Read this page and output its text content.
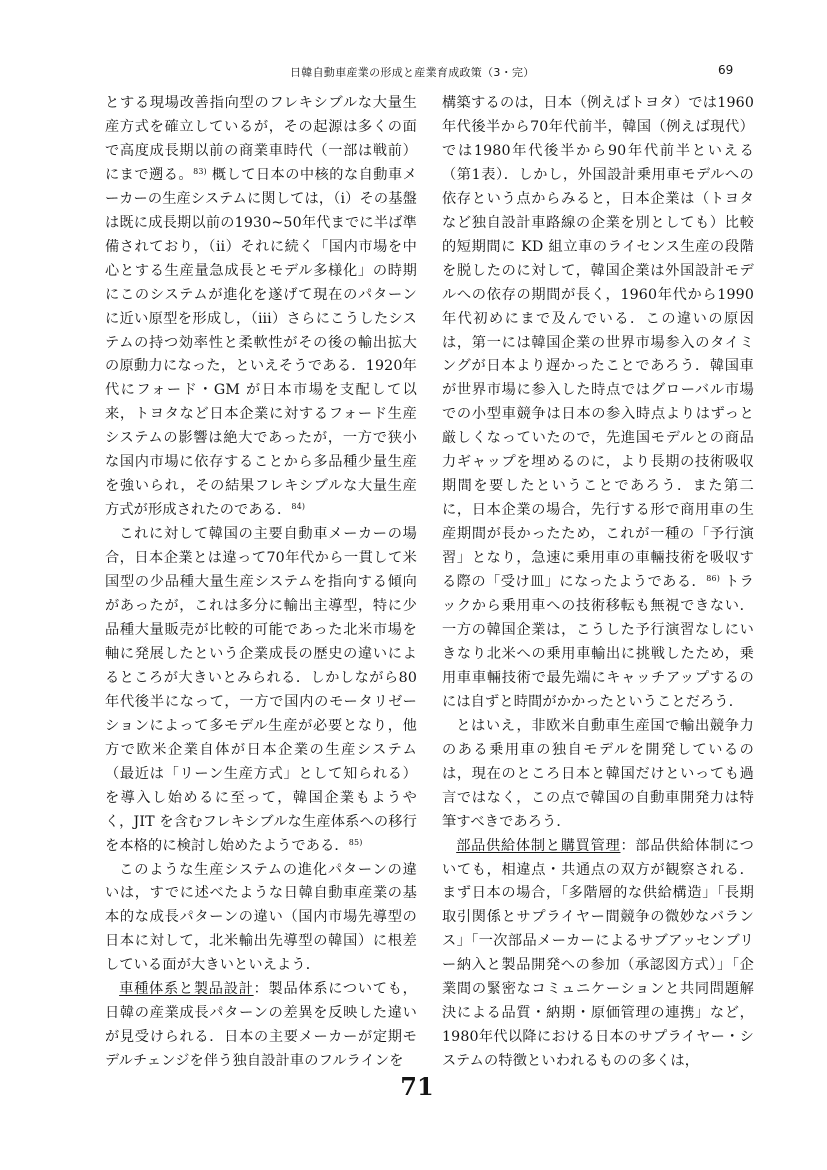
日韓自動車産業の形成と産業育成政策（3・完）	69

とする現場改善指向型のフレキシブルな大量生産方式を確立しているが，その起源は多くの面で高度成長期以前の商業車時代（一部は戦前）にまで遡る。$^{83)}$ 概して日本の中核的な自動車メーカーの生産システムに関しては，（ⅰ）その基盤は既に成長期以前の1930~50年代までに半ば準備されており，（ⅱ）それに続く「国内市場を中心とする生産量急成長とモデル多様化」の時期にこのシステムが進化を遂げて現在のパターンに近い原型を形成し，（ⅲ）さらにこうしたシステムの持つ効率性と柔軟性がその後の輸出拡大の原動力になった，といえそうである．1920年代にフォード・GM が日本市場を支配して以来，トヨタなど日本企業に対するフォード生産システムの影響は絶大であったが，一方で狭小な国内市場に依存することから多品種少量生産を強いられ，その結果フレキシブルな大量生産方式が形成されたのである．$^{84)}$

これに対して韓国の主要自動車メーカーの場合，日本企業とは違って70年代から一貫して米国型の少品種大量生産システムを指向する傾向があったが，これは多分に輸出主導型，特に少品種大量販売が比較的可能であった北米市場を軸に発展したという企業成長の歴史の違いによるところが大きいとみられる．しかしながら80年代後半になって，一方で国内のモータリゼーションによって多モデル生産が必要となり，他方で欧米企業自体が日本企業の生産システム（最近は「リーン生産方式」として知られる）を導入し始めるに至って，韓国企業もようやく，JIT を含むフレキシブルな生産体系への移行を本格的に検討し始めたようである．$^{85)}$

このような生産システムの進化パターンの違いは，すでに述べたような日韓自動車産業の基本的な成長パターンの違い（国内市場先導型の日本に対して，北米輸出先導型の韓国）に根差している面が大きいといえよう．

車種体系と製品設計：製品体系についても，日韓の産業成長パターンの差異を反映した違いが見受けられる．日本の主要メーカーが定期モデルチェンジを伴う独自設計車のフルラインを

構築するのは，日本（例えばトヨタ）では1960年代後半から70年代前半，韓国（例えば現代）では1980年代後半から90年代前半といえる（第1表）．しかし，外国設計乗用車モデルへの依存という点からみると，日本企業は（トヨタなど独自設計車路線の企業を別としても）比較的短期間に KD 組立車のライセンス生産の段階を脱したのに対して，韓国企業は外国設計モデルへの依存の期間が長く，1960年代から1990年代初めにまで及んでいる．この違いの原因は，第一には韓国企業の世界市場参入のタイミングが日本より遅かったことであろう．韓国車が世界市場に参入した時点ではグローバル市場での小型車競争は日本の参入時点よりはずっと厳しくなっていたので，先進国モデルとの商品力ギャップを埋めるのに，より長期の技術吸収期間を要したということであろう．また第二に，日本企業の場合，先行する形で商用車の生産期間が長かったため，これが一種の「予行演習」となり，急速に乗用車の車輛技術を吸収する際の「受け皿」になったようである．$^{86)}$ トラックから乗用車への技術移転も無視できない．一方の韓国企業は，こうした予行演習なしにいきなり北米への乗用車輸出に挑戦したため，乗用車車輛技術で最先端にキャッチアップするのには自ずと時間がかかったということだろう．

とはいえ，非欧米自動車生産国で輸出競争力のある乗用車の独自モデルを開発しているのは，現在のところ日本と韓国だけといっても過言ではなく，この点で韓国の自動車開発力は特筆すべきであろう．

部品供給体制と購買管理：部品供給体制についても，相違点・共通点の双方が観察される．まず日本の場合，「多階層的な供給構造」「長期取引関係とサプライヤー間競争の微妙なバランス」「一次部品メーカーによるサブアッセンブリー納入と製品開発への参加（承認図方式）」「企業間の緊密なコミュニケーションと共同問題解決による品質・納期・原価管理の連携」など，1980年代以降における日本のサプライヤー・システムの特徴といわれるものの多くは，

71
